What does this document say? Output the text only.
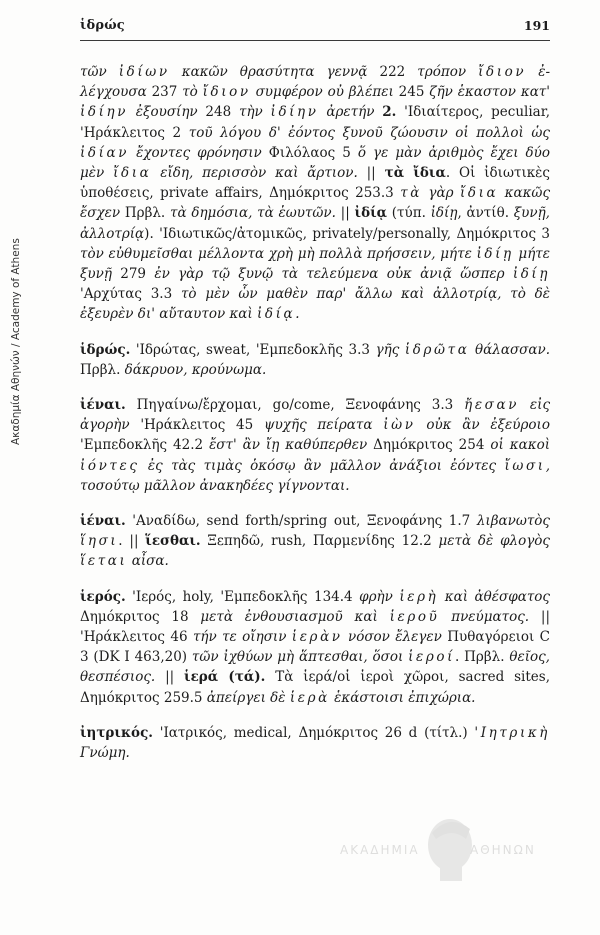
ἱδρώς	191
Ακαδημία Αθηνών / Academy of Athens

τῶν ἰδίων κακῶν θρασύτητα γεννᾷ 222 τρόπον ἴδιον ἐ-λέγχουσα 237 τὸ ἴδιον συμφέρον οὐ βλέπει 245 ζῆν ἑκαστον κατ' ἰδίην ἐξουσίην 248 τὴν ἰδίην ἀρετήν 2. 'Ιδιαίτερος, peculiar, 'Ηράκλειτος 2 τοῦ λόγου δ' ἐόντος ξυνοῦ ζώουσιν οἱ πολλοὶ ὡς ἰδίαν ἔχοντες φρόνησιν Φιλόλαος 5 ὅ γε μὰν ἀριθμὸς ἔχει δύο μὲν ἴδια εἴδη, περισσὸν καὶ ἄρτιον. || τὰ ἴδια. Οἱ ἰδιωτικὲς ὑποθέσεις, private affairs, Δημόκριτος 253.3 τὰ γὰρ ἴδια κακῶς ἔσχεν Πρβλ. τὰ δημόσια, τὰ ἑωυτῶν. || ἰδίᾳ (τύπ. ἰδίῃ, ἀντίθ. ξυνῇ, ἀλλοτρίᾳ). 'Ιδιωτικῶς/ἀτομικῶς, privately/personally, Δημόκριτος 3 τὸν εὐθυμεῖσθαι μέλλοντα χρὴ μὴ πολλὰ πρήσσειν, μήτε ἰδίῃ μήτε ξυνῇ 279 ἐν γὰρ τῷ ξυνῷ τὰ τελεύμενα οὐκ ἀνιᾷ ὥσπερ ἰδίῃ 'Αρχύτας 3.3 τὸ μὲν ὧν μαθὲν παρ' ἄλλω καὶ ἀλλοτρίᾳ, τὸ δὲ ἐξευρὲν δι' αὔταυτον καὶ ἰδίᾳ.

ἱδρώς. 'Ιδρώτας, sweat, 'Εμπεδοκλῆς 3.3 γῆς ἱδρῶτα θάλασσαν. Πρβλ. δάκρυον, κρούνωμα.

ἰέναι. Πηγαίνω/ἔρχομαι, go/come, Ξενοφάνης 3.3 ἤεσαν εἰς ἀγορὴν 'Ηράκλειτος 45 ψυχῆς πείρατα ἰὼν οὐκ ἂν ἐξεύροιο 'Εμπεδοκλῆς 42.2 ἔστ' ἂν ἴῃ καθύπερθεν Δημόκριτος 254 οἱ κακοὶ ἰόντες ἐς τὰς τιμὰς ὁκόσῳ ἂν μᾶλλον ἀνάξιοι ἐόντες ἴωσι, τοσούτῳ μᾶλλον ἀνακηδέες γίγνονται.

ἱέναι. 'Αναδίδω, send forth/spring out, Ξενοφάνης 1.7 λιβανωτὸς ἵησι. || ἵεσθαι. Ξεπηδῶ, rush, Παρμενίδης 12.2 μετὰ δὲ φλογὸς ἵεται αἶσα.

ἱερός. 'Ιερός, holy, 'Εμπεδοκλῆς 134.4 φρὴν ἱερὴ καὶ ἀθέσφατος Δημόκριτος 18 μετὰ ἐνθουσιασμοῦ καὶ ἱεροῦ πνεύματος. || 'Ηράκλειτος 46 τήν τε οἴησιν ἱερὰν νόσον ἔλεγεν Πυθαγόρειοι C 3 (DK I 463,20) τῶν ἰχθύων μὴ ἅπτεσθαι, ὅσοι ἱεροί. Πρβλ. θεῖος, θεσπέσιος. || ἱερά (τά). Τὰ ἱερά/οἱ ἱεροὶ χῶροι, sacred sites, Δημόκριτος 259.5 ἀπείργει δὲ ἱερὰ ἑκάστοισι ἐπιχώρια.

ἰητρικός. 'Ιατρικός, medical, Δημόκριτος 26 d (τίτλ.) 'Ιητρικὴ Γνώμη.

ΑΚΑΔΗΜΙΑ	ΑΘΗΝΩΝ
